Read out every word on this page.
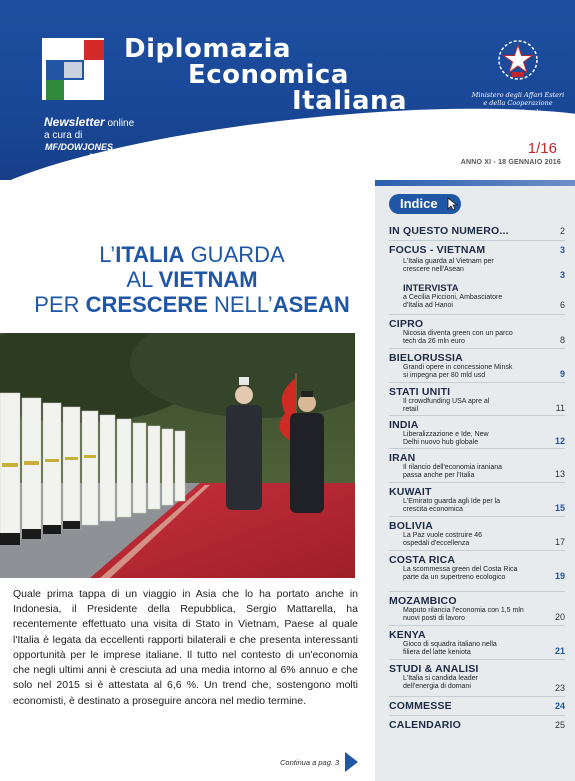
Diplomazia
Economica
Italiana	Ministero degli Affari Esteri
e della Cooperazione Internazionale
Newsletter online
a cura di
MF/DOWJONES
News
1/16
ANNO XI - 18 GENNAIO 2016
L’ITALIA GUARDA
AL VIETNAM
PER CRESCERE NELL’ASEAN
Quale prima tappa di un viaggio in Asia che lo ha portato anche in Indonesia, il Presidente della Repubblica, Sergio Mattarella, ha recentemente effettuato una visita di Stato in Vietnam, Paese al quale l'Italia è legata da eccellenti rapporti bilaterali e che presenta interessanti opportunità per le imprese italiane. Il tutto nel contesto di un'economia che negli ultimi anni è cresciuta ad una media intorno al 6% annuo e che solo nel 2015 si è attestata al 6,6 %. Un trend che, sostengono molti economisti, è destinato a proseguire ancora nel medio termine.
Continua a pag. 3
Indice
IN QUESTO NUMERO...	2
FOCUS - VIETNAM	3
L'Italia guarda al Vietnam per crescere nell'Asean
3
INTERVISTA
a Cecilia Piccioni, Ambasciatore d'Italia ad Hanoi	6
CIPRO
Nicosia diventa green con un parco tech da 26 mln euro	8
BIELORUSSIA
Grandi opere in concessione Minsk si impegna per 80 mld usd	9
STATI UNITI
Il crowdfunding USA apre al retail	11
INDIA
Liberalizzazione e Ide, New Delhi nuovo hub globale	12
IRAN
Il rilancio dell'economia iraniana passa anche per l'Italia	13
KUWAIT
L'Emirato guarda agli Ide per la crescita economica	15
BOLIVIA
La Paz vuole costruire 46 ospedali d'eccellenza	17
COSTA RICA
La scommessa green del Costa Rica parte da un supertreno ecologico	19
MOZAMBICO
Maputo rilancia l'economia con 1,5 mln nuovi posti di lavoro	20
KENYA
Gioco di squadra italiano nella filiera del latte keniota	21
STUDI & ANALISI
L'Italia si candida leader dell'energia di domani	23
COMMESSE	24
CALENDARIO	25
